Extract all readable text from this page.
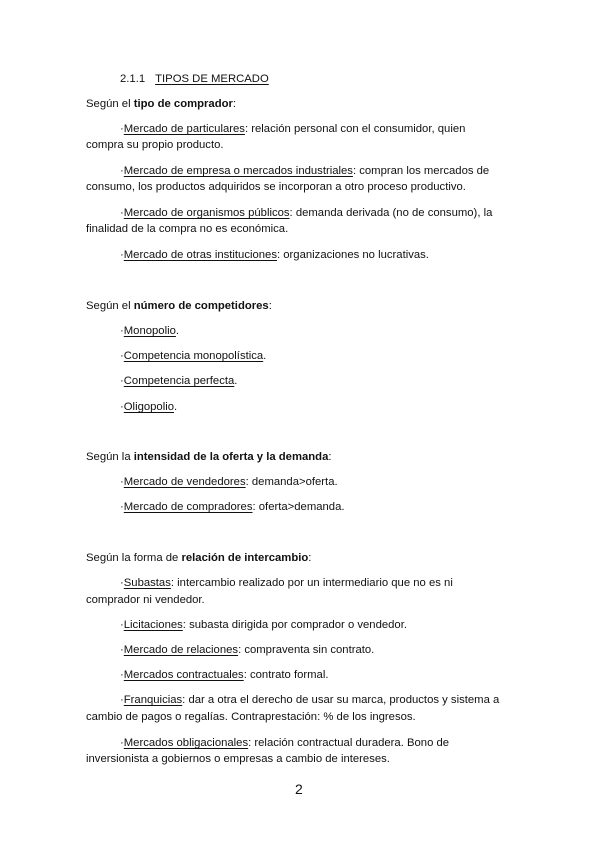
2.1.1 TIPOS DE MERCADO
Según el tipo de comprador:
·Mercado de particulares: relación personal con el consumidor, quien
compra su propio producto.
·Mercado de empresa o mercados industriales: compran los mercados de
consumo, los productos adquiridos se incorporan a otro proceso productivo.
·Mercado de organismos públicos: demanda derivada (no de consumo), la
finalidad de la compra no es económica.
·Mercado de otras instituciones: organizaciones no lucrativas.
Según el número de competidores:
·Monopolio.
·Competencia monopolística.
·Competencia perfecta.
·Oligopolio.
Según la intensidad de la oferta y la demanda:
·Mercado de vendedores: demanda>oferta.
·Mercado de compradores: oferta>demanda.
Según la forma de relación de intercambio:
·Subastas: intercambio realizado por un intermediario que no es ni
comprador ni vendedor.
·Licitaciones: subasta dirigida por comprador o vendedor.
·Mercado de relaciones: compraventa sin contrato.
·Mercados contractuales: contrato formal.
·Franquicias: dar a otra el derecho de usar su marca, productos y sistema a
cambio de pagos o regalías. Contraprestación: % de los ingresos.
·Mercados obligacionales: relación contractual duradera. Bono de
inversionista a gobiernos o empresas a cambio de intereses.
2
